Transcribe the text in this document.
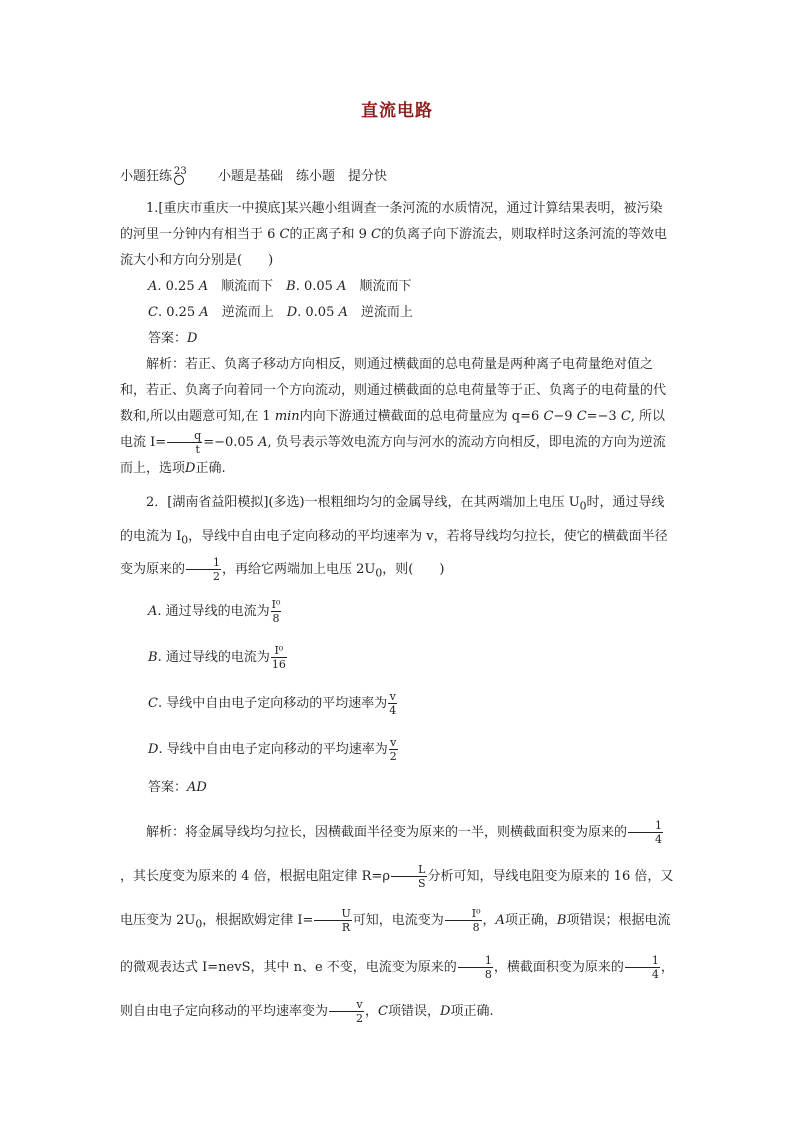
直流电路
小题狂练 23 小题是基础　练小题　提分快

1.[重庆市重庆一中摸底]某兴趣小组调查一条河流的水质情况，通过计算结果表明，被污染的河里一分钟内有相当于 6 C的正离子和 9 C的负离子向下游流去，则取样时这条河流的等效电流大小和方向分别是(　　)

A. 0.25 A　顺流而下　B. 0.05 A　顺流而下

C. 0.25 A　逆流而上　D. 0.05 A　逆流而上

答案：D

解析：若正、负离子移动方向相反，则通过横截面的总电荷量是两种离子电荷量绝对值之和，若正、负离子向着同一个方向流动，则通过横截面的总电荷量等于正、负离子的电荷量的代数和,所以由题意可知,在 1 min内向下游通过横截面的总电荷量应为 q=6 C−9 C=−3 C, 所以电流 $I= \frac{q}{t} =-0.05$ A, 负号表示等效电流方向与河水的流动方向相反，即电流的方向为逆流而上，选项D正确.

2．[湖南省益阳模拟](多选)一根粗细均匀的金属导线，在其两端加上电压 $U_0$时，通过导线的电流为 $I_0$，导线中自由电子定向移动的平均速率为 v，若将导线均匀拉长，使它的横截面半径变为原来的 $\frac{1}{2}$ ，再给它两端加上电压 $2U_0$，则(　　)

A. 通过导线的电流为 $\frac{\text{I⁰}}{8}$

B. 通过导线的电流为 $\frac{\text{I⁰}}{16}$

C. 导线中自由电子定向移动的平均速率为 $\frac{v}{4}$

D. 导线中自由电子定向移动的平均速率为 $\frac{v}{2}$

答案：AD

解析：将金属导线均匀拉长，因横截面半径变为原来的一半，则横截面积变为原来的 $\frac{1}{4}$
，其长度变为原来的 4 倍，根据电阻定律 $R=\rho \frac{L}{S}$ 分析可知，导线电阻变为原来的 16 倍，又电压变为 $2U_0$，根据欧姆定律 $I= \frac{U}{R}$ 可知，电流变为 $\frac{\text{I⁰}}{8}$ ，A项正确，B项错误；根据电流的微观表达式 I=nevS，其中 n、e 不变，电流变为原来的 $\frac{1}{8}$ ，横截面积变为原来的 $\frac{1}{4}$ ，则自由电子定向移动的平均速率变为 $\frac{v}{2}$ ，C项错误，D项正确.
